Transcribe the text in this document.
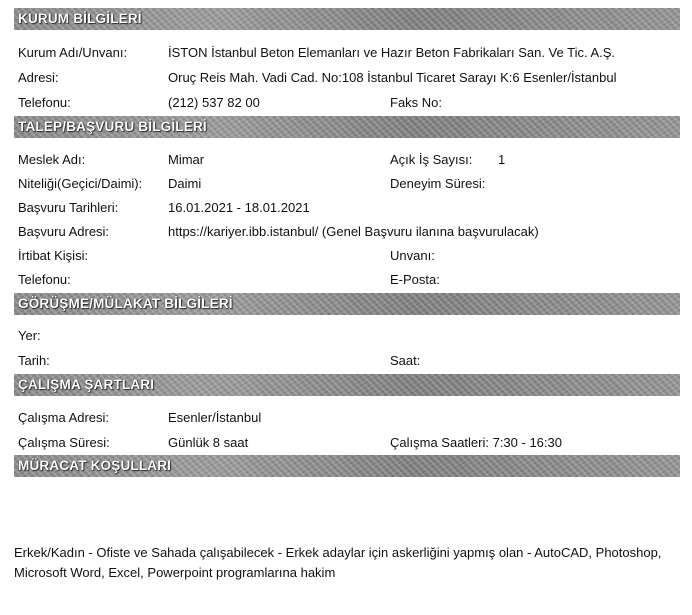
KURUM BİLGİLERİ
Kurum Adı/Unvanı:	İSTON İstanbul Beton Elemanları ve Hazır Beton Fabrikaları San. Ve Tic. A.Ş.
Adresi:	Oruç Reis Mah. Vadi Cad. No:108 İstanbul Ticaret Sarayı K:6 Esenler/İstanbul
Telefonu:	(212) 537 82 00	Faks No:
TALEP/BAŞVURU BİLGİLERİ
Meslek Adı:	Mimar	Açık İş Sayısı: 1
Niteliği(Geçici/Daimi): Daimi	Deneyim Süresi:
Başvuru Tarihleri:	16.01.2021 - 18.01.2021
Başvuru Adresi:	https://kariyer.ibb.istanbul/ (Genel Başvuru ilanına başvurulacak)
İrtibat Kişisi:	Unvanı:
Telefonu:	E-Posta:
GÖRÜŞME/MÜLAKAT BİLGİLERİ
Yer:
Tarih:	Saat:
ÇALIŞMA ŞARTLARI
Çalışma Adresi:	Esenler/İstanbul
Çalışma Süresi:	Günlük 8 saat	Çalışma Saatleri: 7:30 - 16:30
MÜRACAT KOŞULLARI
Erkek/Kadın - Ofiste ve Sahada çalışabilecek - Erkek adaylar için askerliğini yapmış olan - AutoCAD, Photoshop, Microsoft Word, Excel, Powerpoint programlarına hakim
